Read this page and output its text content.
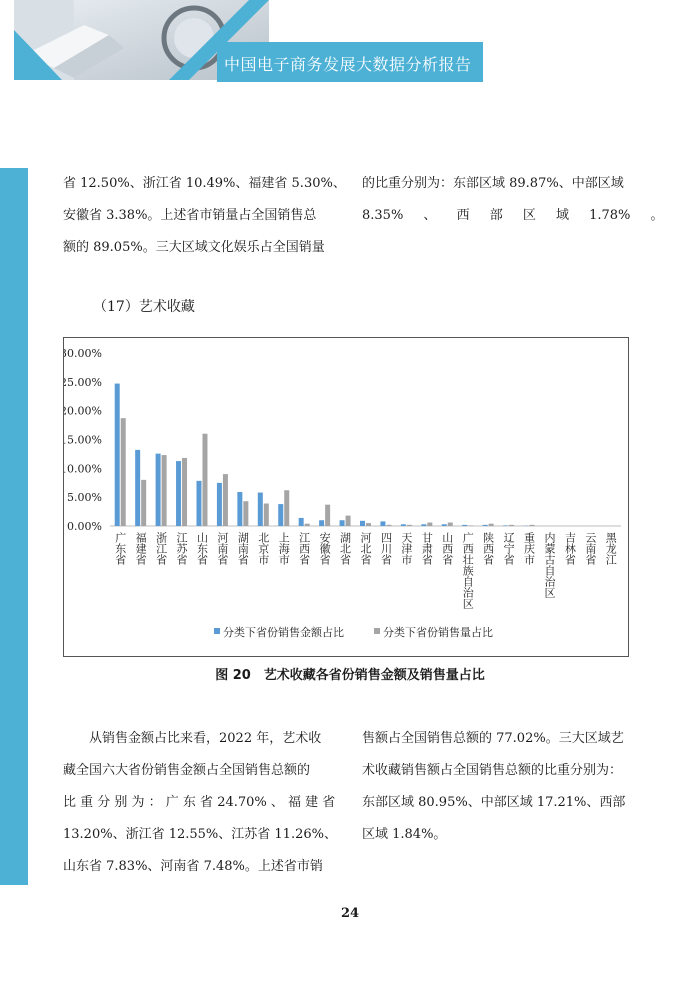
中国电子商务发展大数据分析报告
省 12.50%、浙江省 10.49%、福建省 5.30%、
安徽省 3.38%。上述省市销量占全国销售总
额的 89.05%。三大区域文化娱乐占全国销量
的比重分别为：东部区域 89.87%、中部区域
8.35% 、 西 部 区 域 1.78% 。
（17）艺术收藏
0.00%
5.00%
10.00%
15.00%
20.00%
25.00%
30.00%
广东省 福建省 浙江省 江苏省 山东省 河南省 湖南省 北京市 上海市 江西省 安徽省 湖北省 河北省 四川省 天津市 甘肃省 山西省 广西壮族自治区 陕西省 辽宁省 重庆市 内蒙古自治区 吉林省 云南省 黑龙江
分类下省份销售金额占比	分类下省份销售量占比
图 20　艺术收藏各省份销售金额及销售量占比
从销售金额占比来看，2022 年，艺术收
藏全国六大省份销售金额占全国销售总额的
比 重 分 别 为 ： 广 东 省 24.70% 、 福 建 省
13.20%、浙江省 12.55%、江苏省 11.26%、
山东省 7.83%、河南省 7.48%。上述省市销
售额占全国销售总额的 77.02%。三大区域艺
术收藏销售额占全国销售总额的比重分别为：
东部区域 80.95%、中部区域 17.21%、西部
区域 1.84%。
24
